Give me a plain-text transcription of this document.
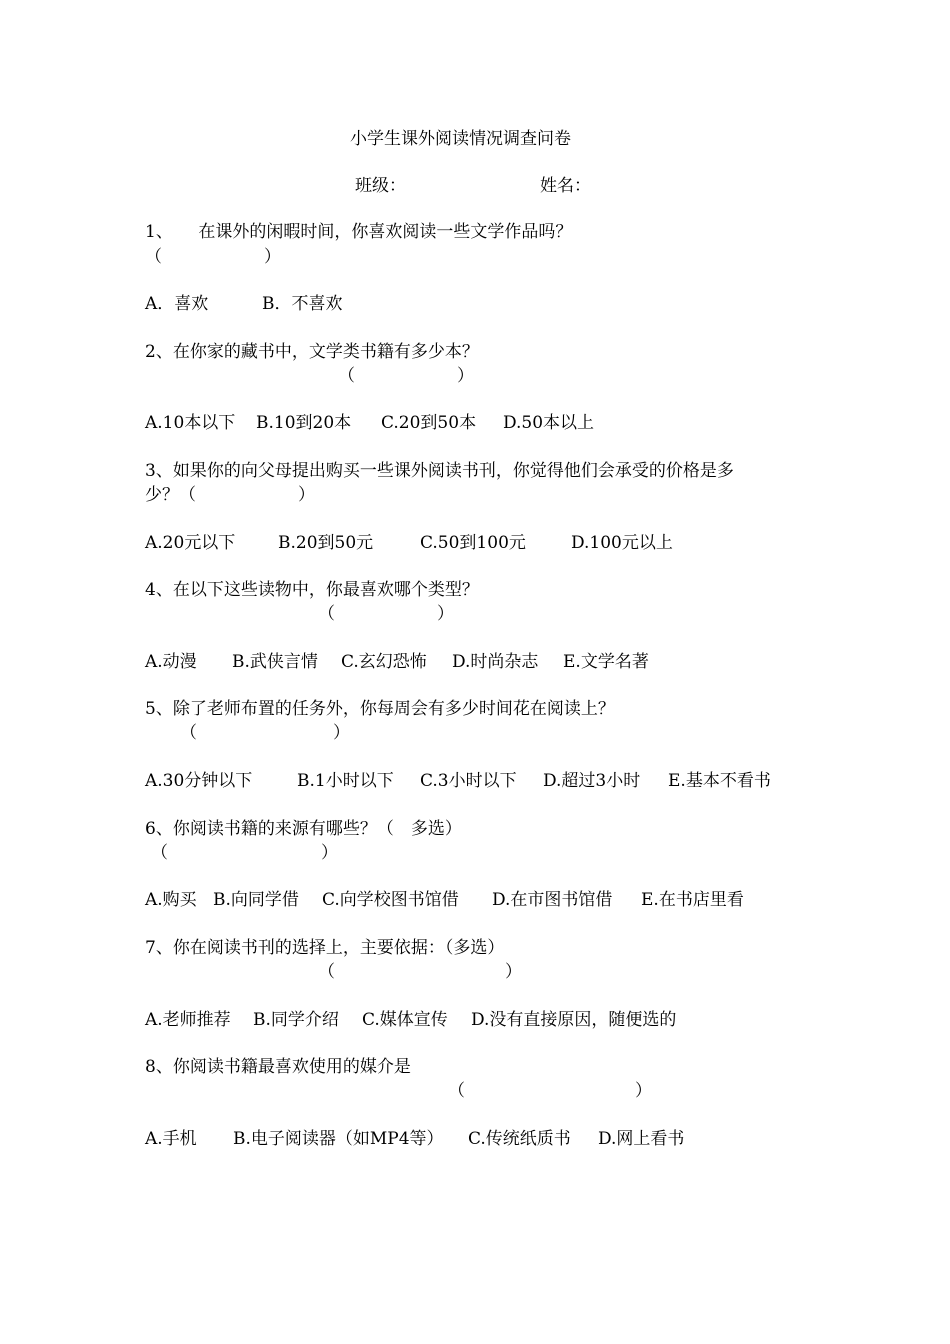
小学生课外阅读情况调查问卷
班级：	姓名：
1、　　在课外的闲暇时间，你喜欢阅读一些文学作品吗？
（　　　　　　）
A．喜欢	B．不喜欢
2、在你家的藏书中，文学类书籍有多少本？
（　　　　　　）
A.10本以下 B.10到20本 C.20到50本 D.50本以上
3、如果你的向父母提出购买一些课外阅读书刊，你觉得他们会承受的价格是多
少？（　　　　　　）
A.20元以下	B.20到50元	C.50到100元	D.100元以上
4、在以下这些读物中，你最喜欢哪个类型？
（　　　　　　）
A.动漫 B.武侠言情 C.玄幻恐怖 D.时尚杂志 E.文学名著
5、除了老师布置的任务外，你每周会有多少时间花在阅读上？
（　　　　　　　　）
A.30分钟以下	B.1小时以下 C.3小时以下 D.超过3小时 E.基本不看书
6、你阅读书籍的来源有哪些？（　多选）
（　　　　　　　　　）
A.购买 B.向同学借 C.向学校图书馆借 D.在市图书馆借 E.在书店里看
7、你在阅读书刊的选择上，主要依据：（多选）
（　　　　　　　　　　）
A.老师推荐 B.同学介绍 C.媒体宣传 D.没有直接原因，随便选的
8、你阅读书籍最喜欢使用的媒介是
（　　　　　　　　　　）
A.手机 B.电子阅读器（如MP4等） C.传统纸质书 D.网上看书
